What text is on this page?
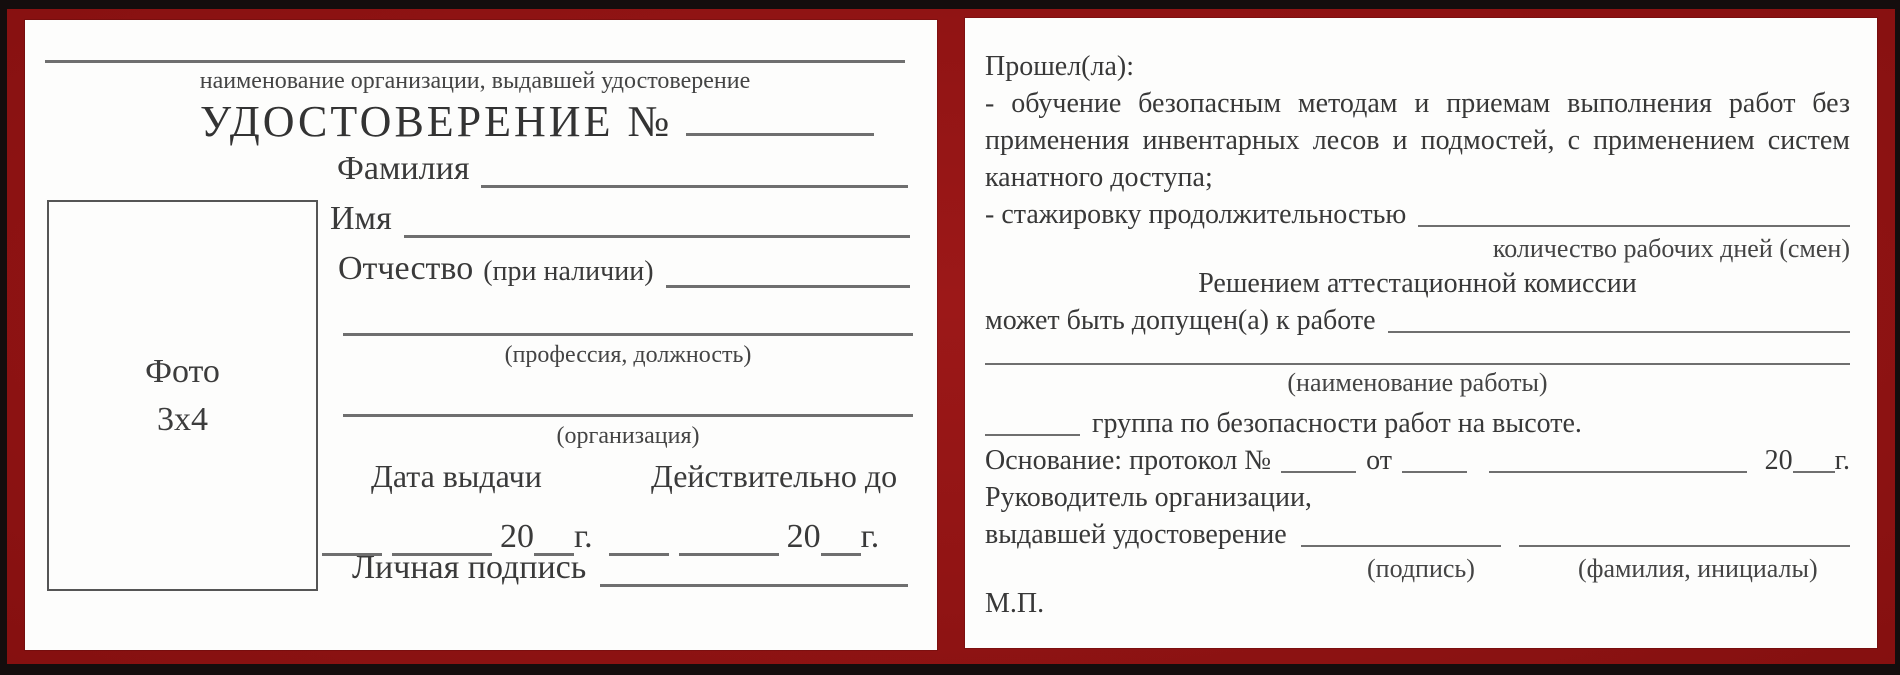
наименование организации, выдавшей удостоверение
УДОСТОВЕРЕНИЕ №
Фамилия
Имя
Отчество (при наличии)
(профессия, должность)
(организация)
Фото
3х4
Дата выдачи	Действительно до
20 г.	20 г.
Личная подпись

Прошел(ла):

- обучение безопасным методам и приемам выполнения работ без применения инвентарных лесов и подмостей, с применением систем канатного доступа;

- стажировку продолжительностью
количество рабочих дней (смен)
Решением аттестационной комиссии
может быть допущен(а) к работе
(наименование работы)
группа по безопасности работ на высоте.
Основание: протокол №	от	20 г.
Руководитель организации,
выдавшей удостоверение
(подпись)	(фамилия, инициалы)
М.П.
